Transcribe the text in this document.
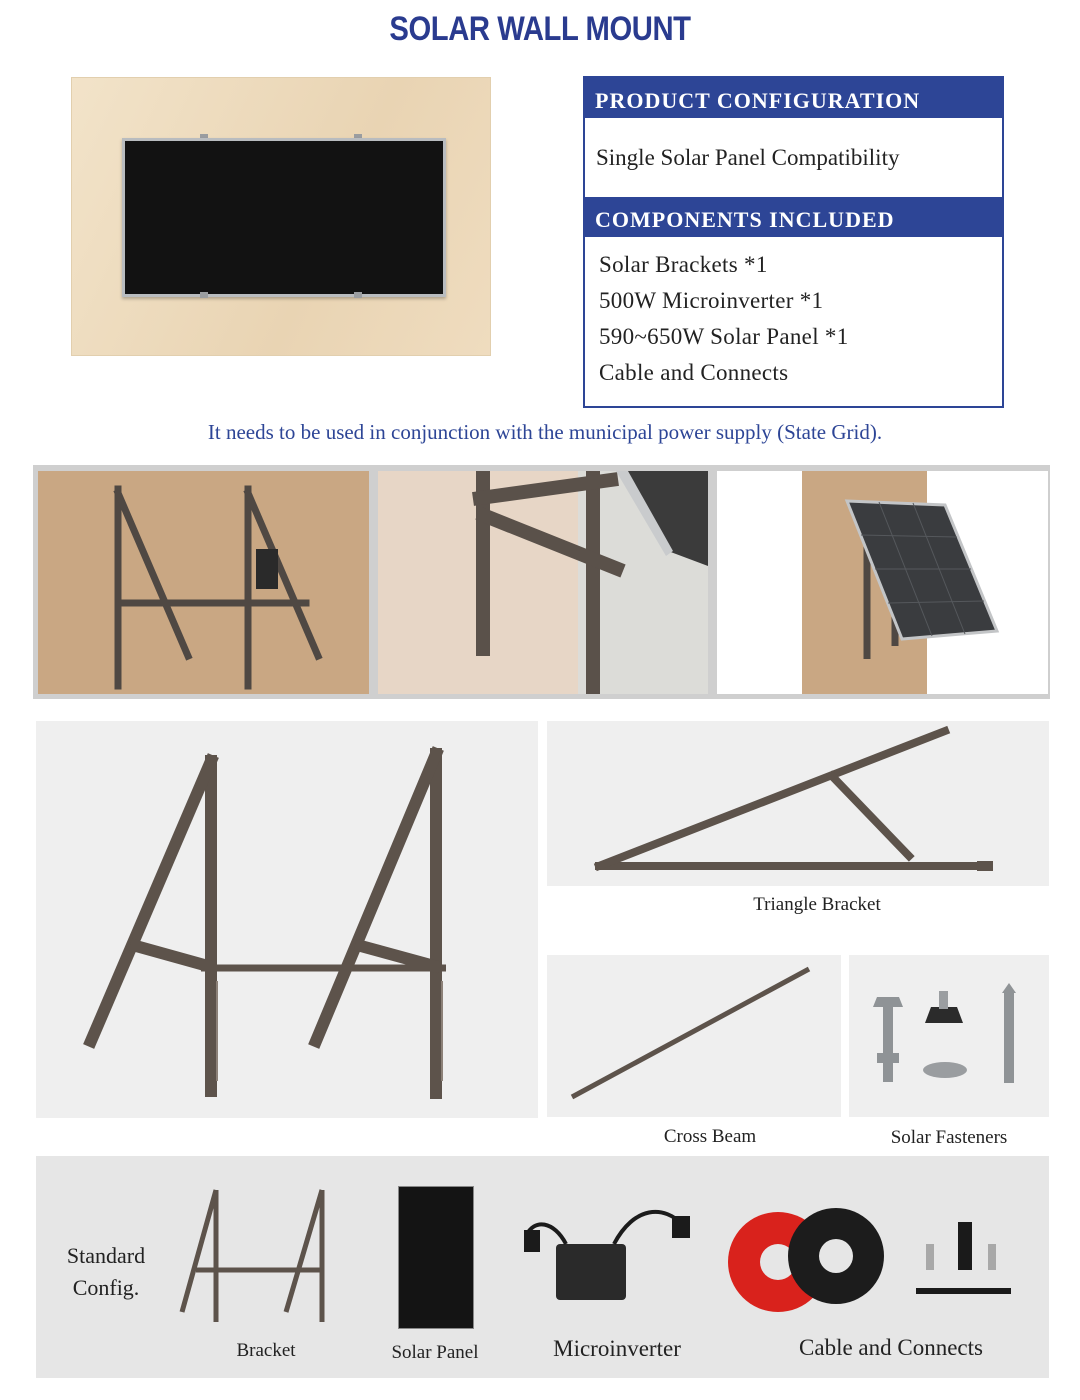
SOLAR WALL MOUNT
PRODUCT CONFIGURATION
Single Solar Panel Compatibility
COMPONENTS INCLUDED
Solar Brackets *1
500W Microinverter *1
590~650W Solar Panel *1
Cable and Connects
It needs to be used in conjunction with the municipal power supply (State Grid).
Triangle Bracket
Cross Beam	Solar Fasteners
Standard
Config.
Bracket	Solar Panel	Microinverter	Cable and Connects
